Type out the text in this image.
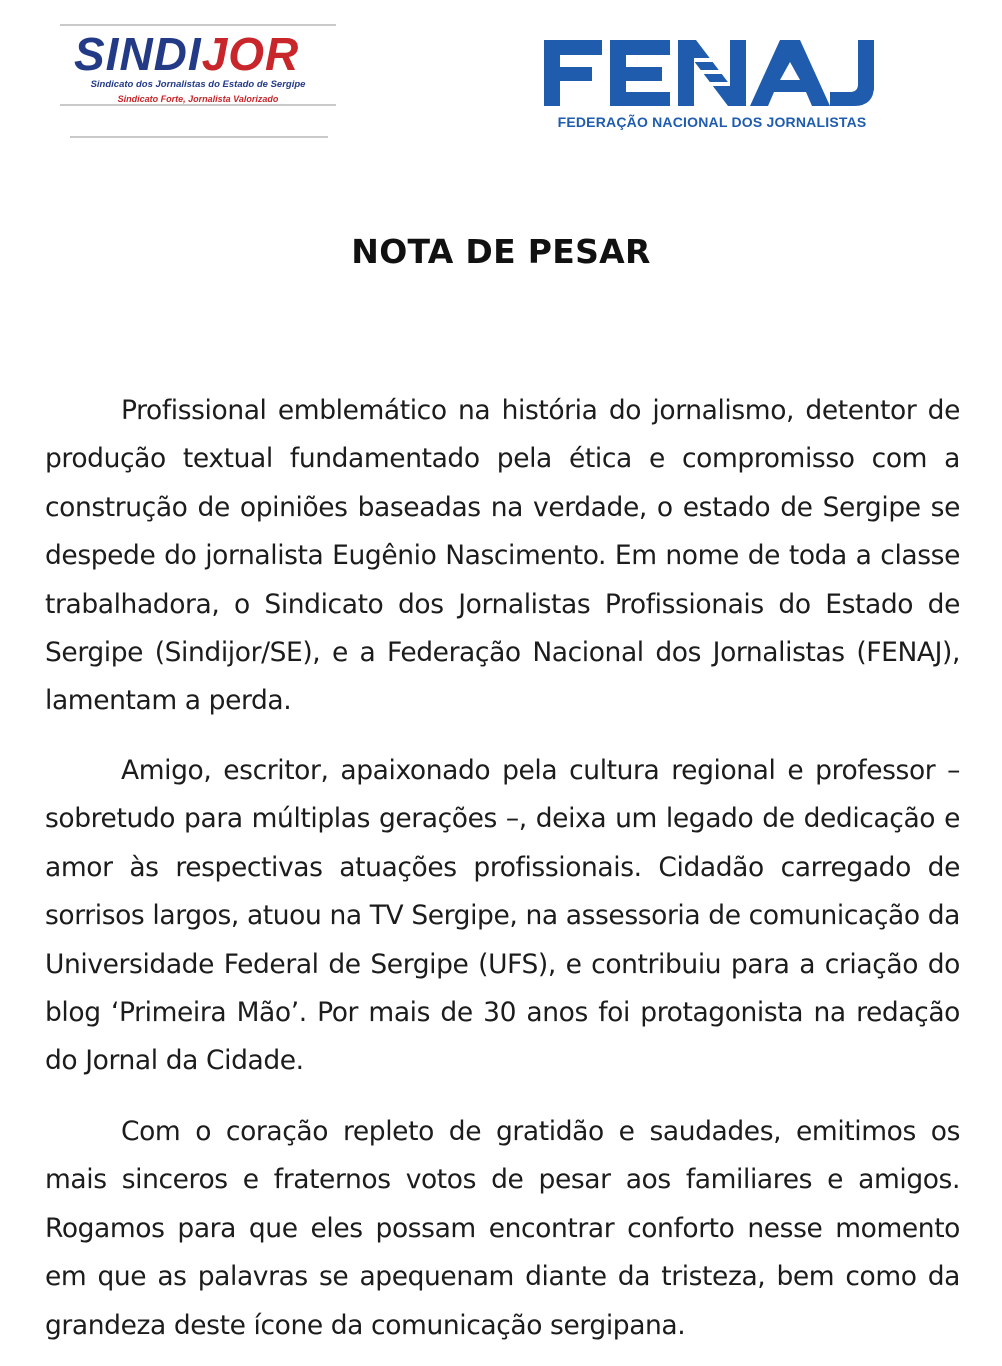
SINDIJOR
Sindicato dos Jornalistas do Estado de Sergipe
Sindicato Forte, Jornalista Valorizado
FEDERAÇÃO NACIONAL DOS JORNALISTAS
NOTA DE PESAR

Profissional emblemático na história do jornalismo, detentor de produção textual fundamentado pela ética e compromisso com a construção de opiniões baseadas na verdade, o estado de Sergipe se despede do jornalista Eugênio Nascimento. Em nome de toda a classe trabalhadora, o Sindicato dos Jornalistas Profissionais do Estado de Sergipe (Sindijor/SE), e a Federação Nacional dos Jornalistas (FENAJ), lamentam a perda.

Amigo, escritor, apaixonado pela cultura regional e professor – sobretudo para múltiplas gerações –, deixa um legado de dedicação e amor às respectivas atuações profissionais. Cidadão carregado de sorrisos largos, atuou na TV Sergipe, na assessoria de comunicação da Universidade Federal de Sergipe (UFS), e contribuiu para a criação do blog ‘Primeira Mão’. Por mais de 30 anos foi protagonista na redação do Jornal da Cidade.

Com o coração repleto de gratidão e saudades, emitimos os mais sinceros e fraternos votos de pesar aos familiares e amigos. Rogamos para que eles possam encontrar conforto nesse momento em que as palavras se apequenam diante da tristeza, bem como da grandeza deste ícone da comunicação sergipana.
